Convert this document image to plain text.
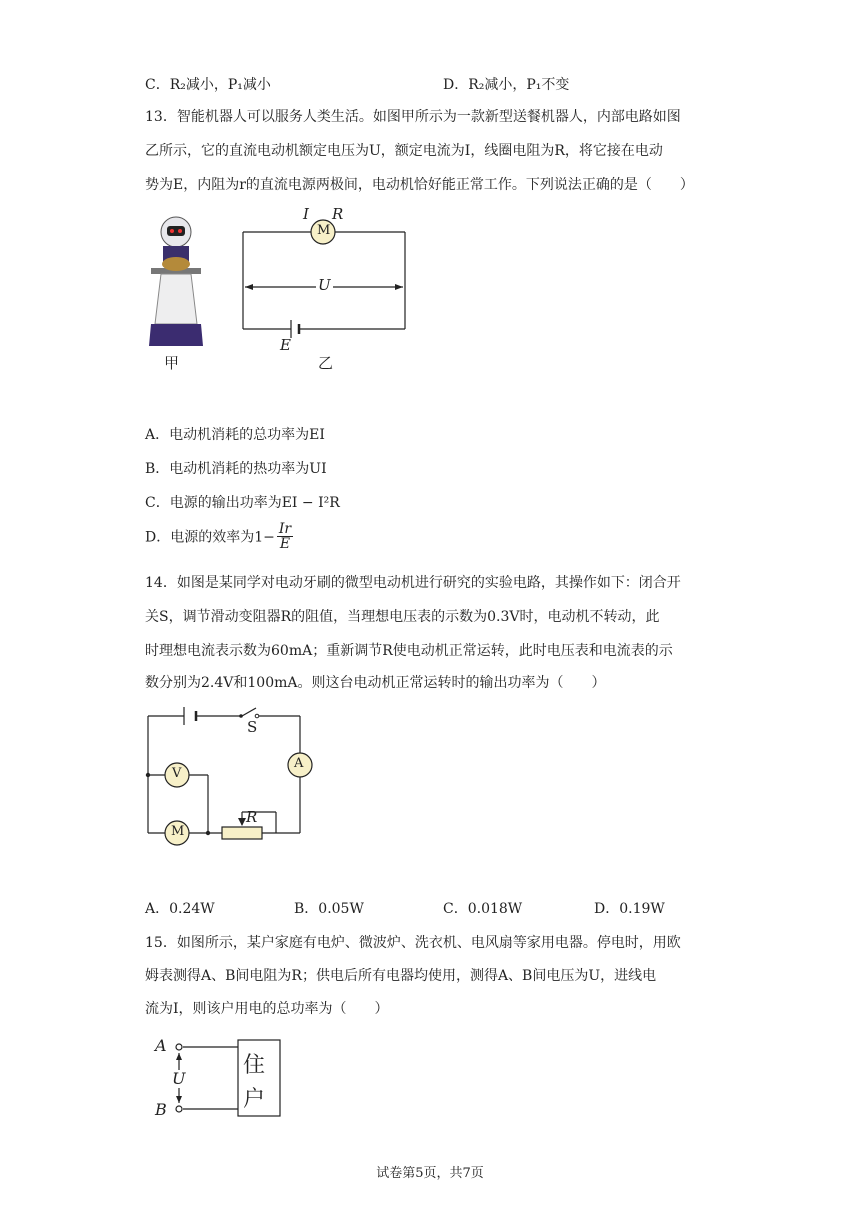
C．R₂减小，P₁减小	D．R₂减小，P₁不变
13．智能机器人可以服务人类生活。如图甲所示为一款新型送餐机器人，内部电路如图
乙所示，它的直流电动机额定电压为U，额定电流为I，线圈电阻为R，将它接在电动
势为E，内阻为r的直流电源两极间，电动机恰好能正常工作。下列说法正确的是（　　）
甲
M
I R
U
E
乙
A．电动机消耗的总功率为EI
B．电动机消耗的热功率为UI
C．电源的输出功率为EI − I²R
D．电源的效率为$1- \frac{Ir}{E}$
14．如图是某同学对电动牙刷的微型电动机进行研究的实验电路，其操作如下：闭合开
关S，调节滑动变阻器R的阻值，当理想电压表的示数为0.3V时，电动机不转动，此
时理想电流表示数为60mA；重新调节R使电动机正常运转，此时电压表和电流表的示
数分别为2.4V和100mA。则这台电动机正常运转时的输出功率为（　　）
S
V
A
M
R
A．0.24W	B．0.05W	C．0.018W	D．0.19W
15．如图所示，某户家庭有电炉、微波炉、洗衣机、电风扇等家用电器。停电时，用欧
姆表测得A、B间电阻为R；供电后所有电器均使用，测得A、B间电压为U，进线电
流为I，则该户用电的总功率为（　　）
A
B
U
住
户
试卷第5页，共7页
